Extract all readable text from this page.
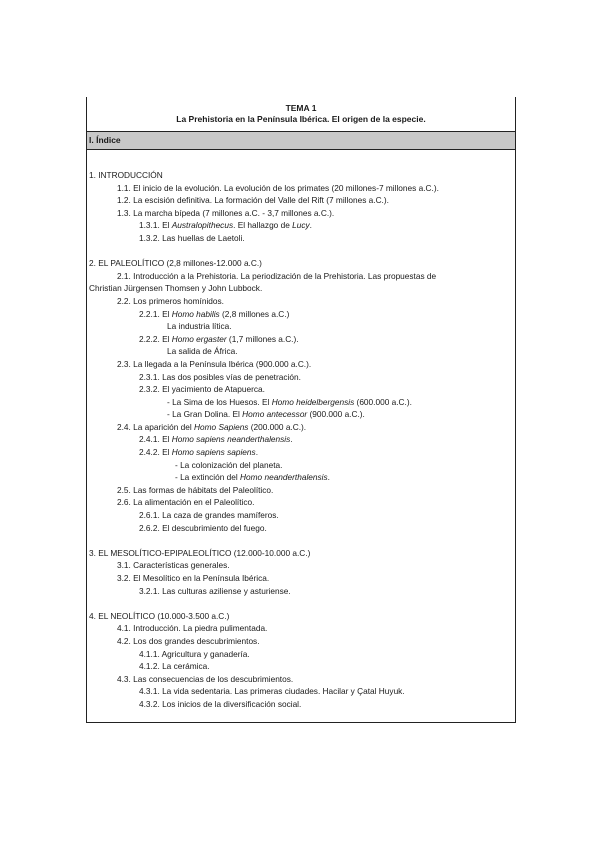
TEMA 1
La Prehistoria en la Península Ibérica. El origen de la especie.
I. Índice
1. INTRODUCCIÓN
1.1. El inicio de la evolución. La evolución de los primates (20 millones-7 millones a.C.).
1.2. La escisión definitiva. La formación del Valle del Rift (7 millones a.C.).
1.3. La marcha bípeda (7 millones a.C. - 3,7 millones a.C.).
1.3.1. El Australopithecus. El hallazgo de Lucy.
1.3.2. Las huellas de Laetoli.
2. EL PALEOLÍTICO (2,8 millones-12.000 a.C.)
2.1. Introducción a la Prehistoria. La periodización de la Prehistoria. Las propuestas de
Christian Jürgensen Thomsen y John Lubbock.
2.2. Los primeros homínidos.
2.2.1. El Homo habilis (2,8 millones a.C.)
La industria lítica.
2.2.2. El Homo ergaster (1,7 millones a.C.).
La salida de África.
2.3. La llegada a la Península Ibérica (900.000 a.C.).
2.3.1. Las dos posibles vías de penetración.
2.3.2. El yacimiento de Atapuerca.
- La Sima de los Huesos. El Homo heidelbergensis (600.000 a.C.).
- La Gran Dolina. El Homo antecessor (900.000 a.C.).
2.4. La aparición del Homo Sapiens (200.000 a.C.).
2.4.1. El Homo sapiens neanderthalensis.
2.4.2. El Homo sapiens sapiens.
- La colonización del planeta.
- La extinción del Homo neanderthalensis.
2.5. Las formas de hábitats del Paleolítico.
2.6. La alimentación en el Paleolítico.
2.6.1. La caza de grandes mamíferos.
2.6.2. El descubrimiento del fuego.
3. EL MESOLÍTICO-EPIPALEOLÍTICO (12.000-10.000 a.C.)
3.1. Características generales.
3.2. El Mesolítico en la Península Ibérica.
3.2.1. Las culturas aziliense y asturiense.
4. EL NEOLÍTICO (10.000-3.500 a.C.)
4.1. Introducción. La piedra pulimentada.
4.2. Los dos grandes descubrimientos.
4.1.1. Agricultura y ganadería.
4.1.2. La cerámica.
4.3. Las consecuencias de los descubrimientos.
4.3.1. La vida sedentaria. Las primeras ciudades. Hacilar y Çatal Huyuk.
4.3.2. Los inicios de la diversificación social.
